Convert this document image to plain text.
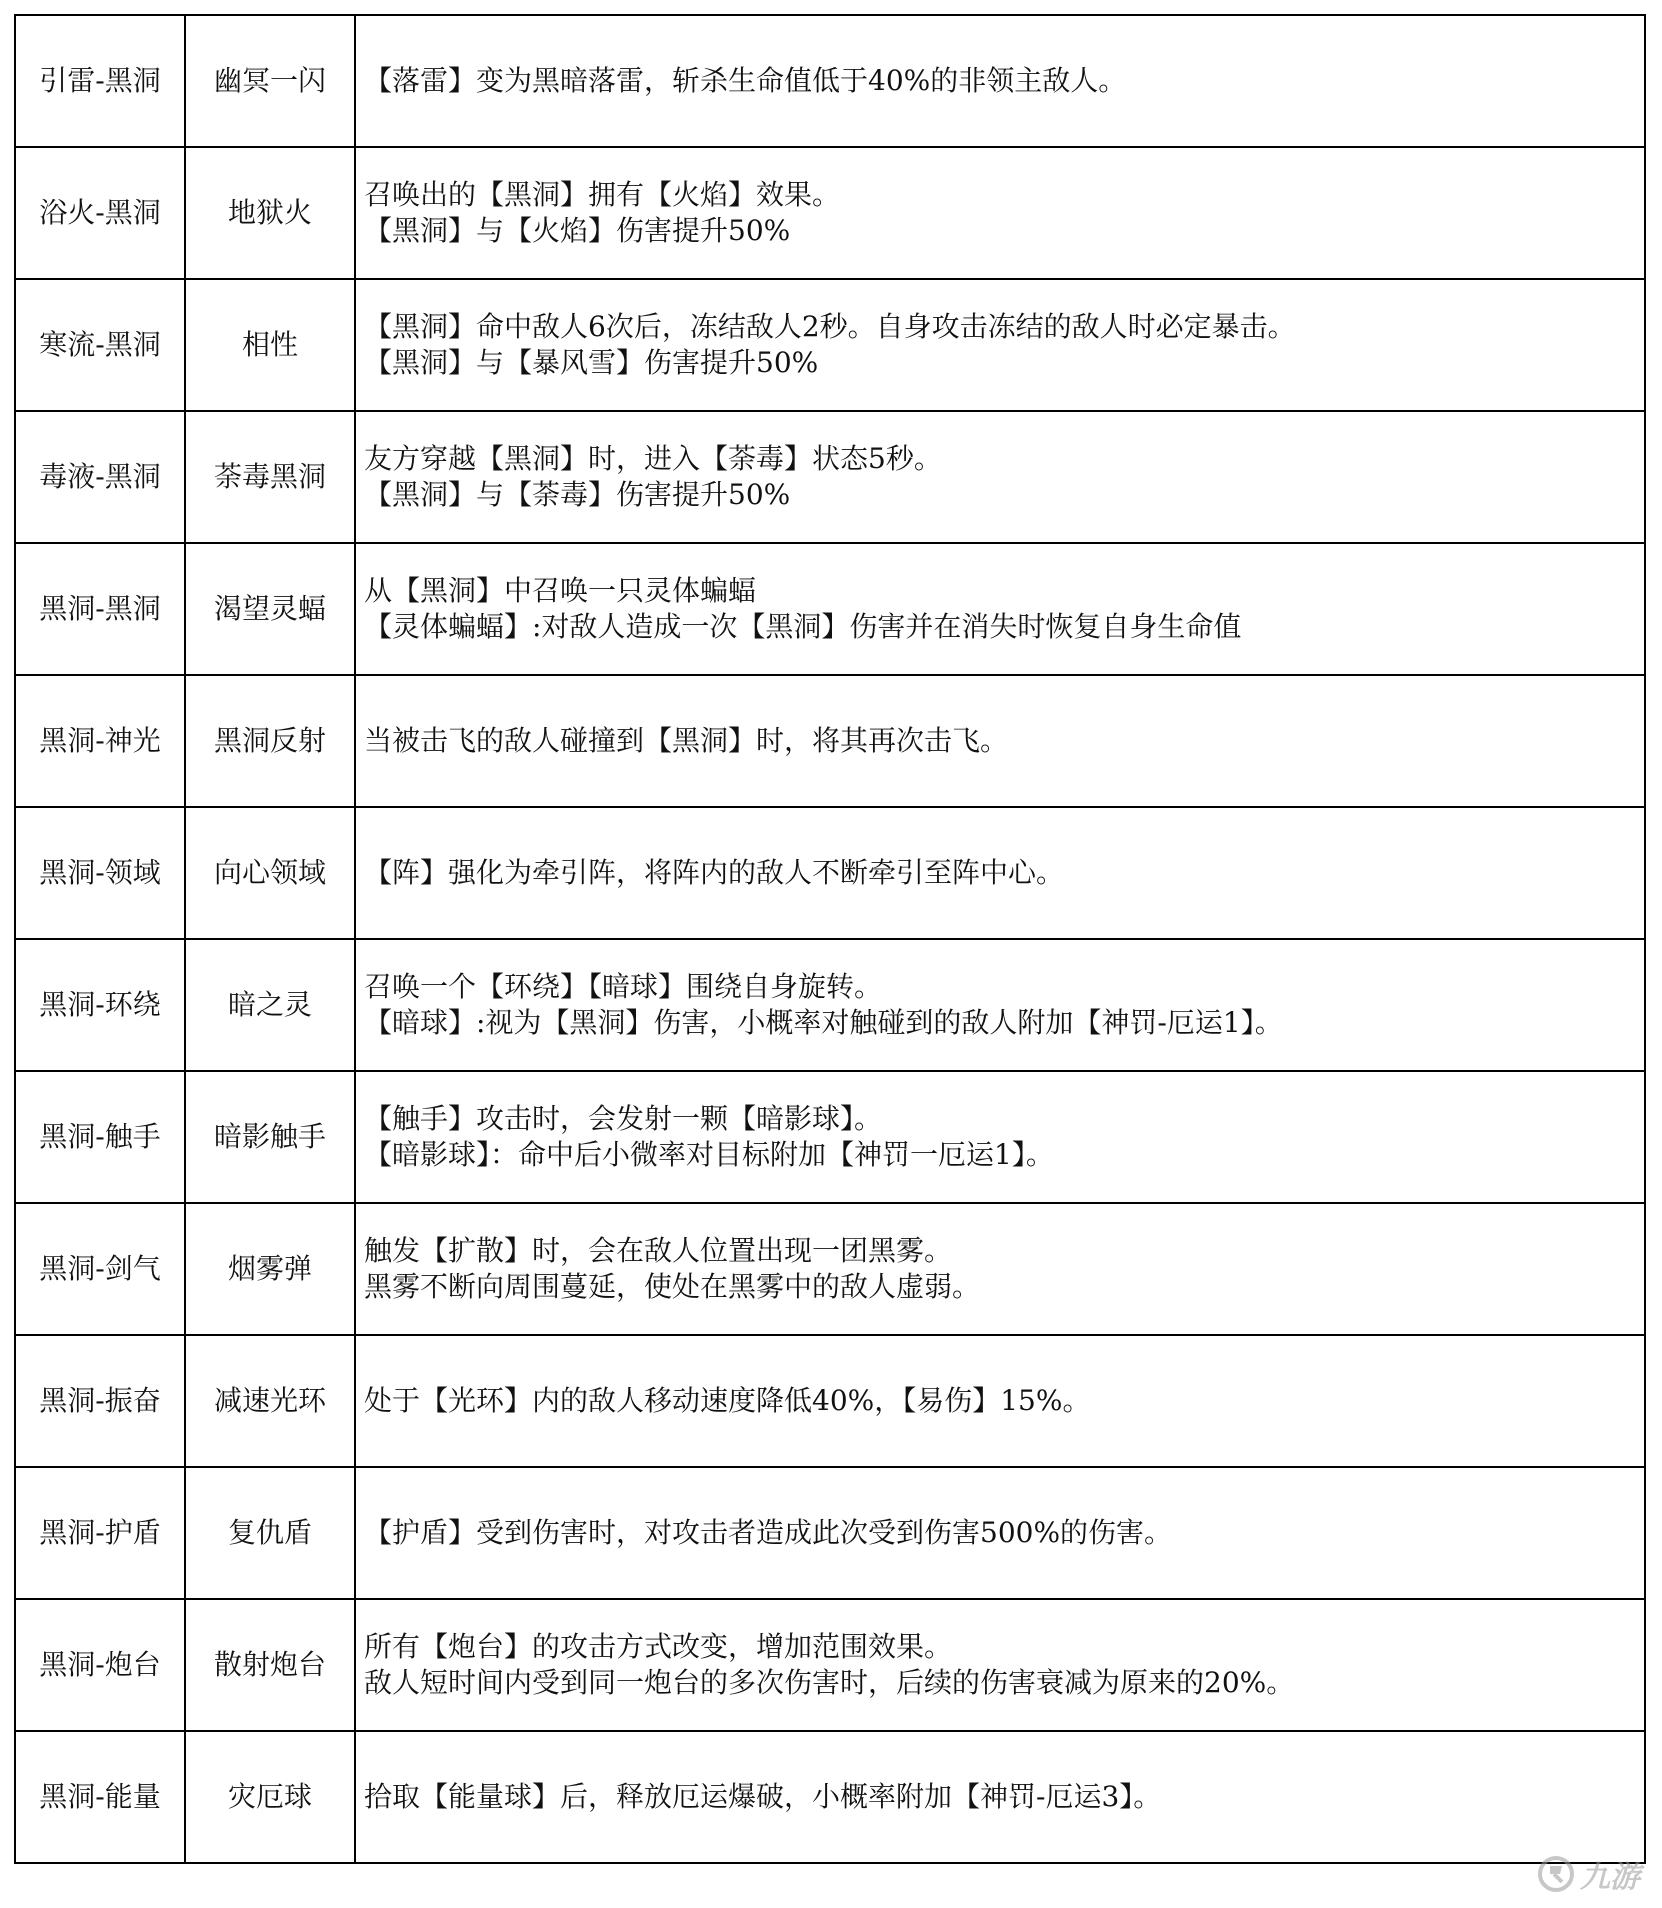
引雷-黑洞	幽冥一闪	【落雷】变为黑暗落雷，斩杀生命值低于40%的非领主敌人。

浴火-黑洞	地狱火	召唤出的【黑洞】拥有【火焰】效果。
【黑洞】与【火焰】伤害提升50%

寒流-黑洞	相性	【黑洞】命中敌人6次后，冻结敌人2秒。自身攻击冻结的敌人时必定暴击。
【黑洞】与【暴风雪】伤害提升50%

毒液-黑洞	荼毒黑洞	友方穿越【黑洞】时，进入【荼毒】状态5秒。
【黑洞】与【荼毒】伤害提升50%

黑洞-黑洞	渴望灵蝠	从【黑洞】中召唤一只灵体蝙蝠
【灵体蝙蝠】:对敌人造成一次【黑洞】伤害并在消失时恢复自身生命值

黑洞-神光	黑洞反射	当被击飞的敌人碰撞到【黑洞】时，将其再次击飞。

黑洞-领域	向心领域	【阵】强化为牵引阵，将阵内的敌人不断牵引至阵中心。

黑洞-环绕	暗之灵	召唤一个【环绕】【暗球】围绕自身旋转。
【暗球】:视为【黑洞】伤害，小概率对触碰到的敌人附加【神罚-厄运1】。

黑洞-触手	暗影触手	【触手】攻击时，会发射一颗【暗影球】。
【暗影球】：命中后小微率对目标附加【神罚一厄运1】。

黑洞-剑气	烟雾弹	触发【扩散】时，会在敌人位置出现一团黑雾。
黑雾不断向周围蔓延，使处在黑雾中的敌人虚弱。

黑洞-振奋	减速光环	处于【光环】内的敌人移动速度降低40%，【易伤】15%。

黑洞-护盾	复仇盾	【护盾】受到伤害时，对攻击者造成此次受到伤害500%的伤害。

黑洞-炮台	散射炮台	所有【炮台】的攻击方式改变，增加范围效果。
敌人短时间内受到同一炮台的多次伤害时，后续的伤害衰减为原来的20%。

黑洞-能量	灾厄球	拾取【能量球】后，释放厄运爆破，小概率附加【神罚-厄运3】。
九游
